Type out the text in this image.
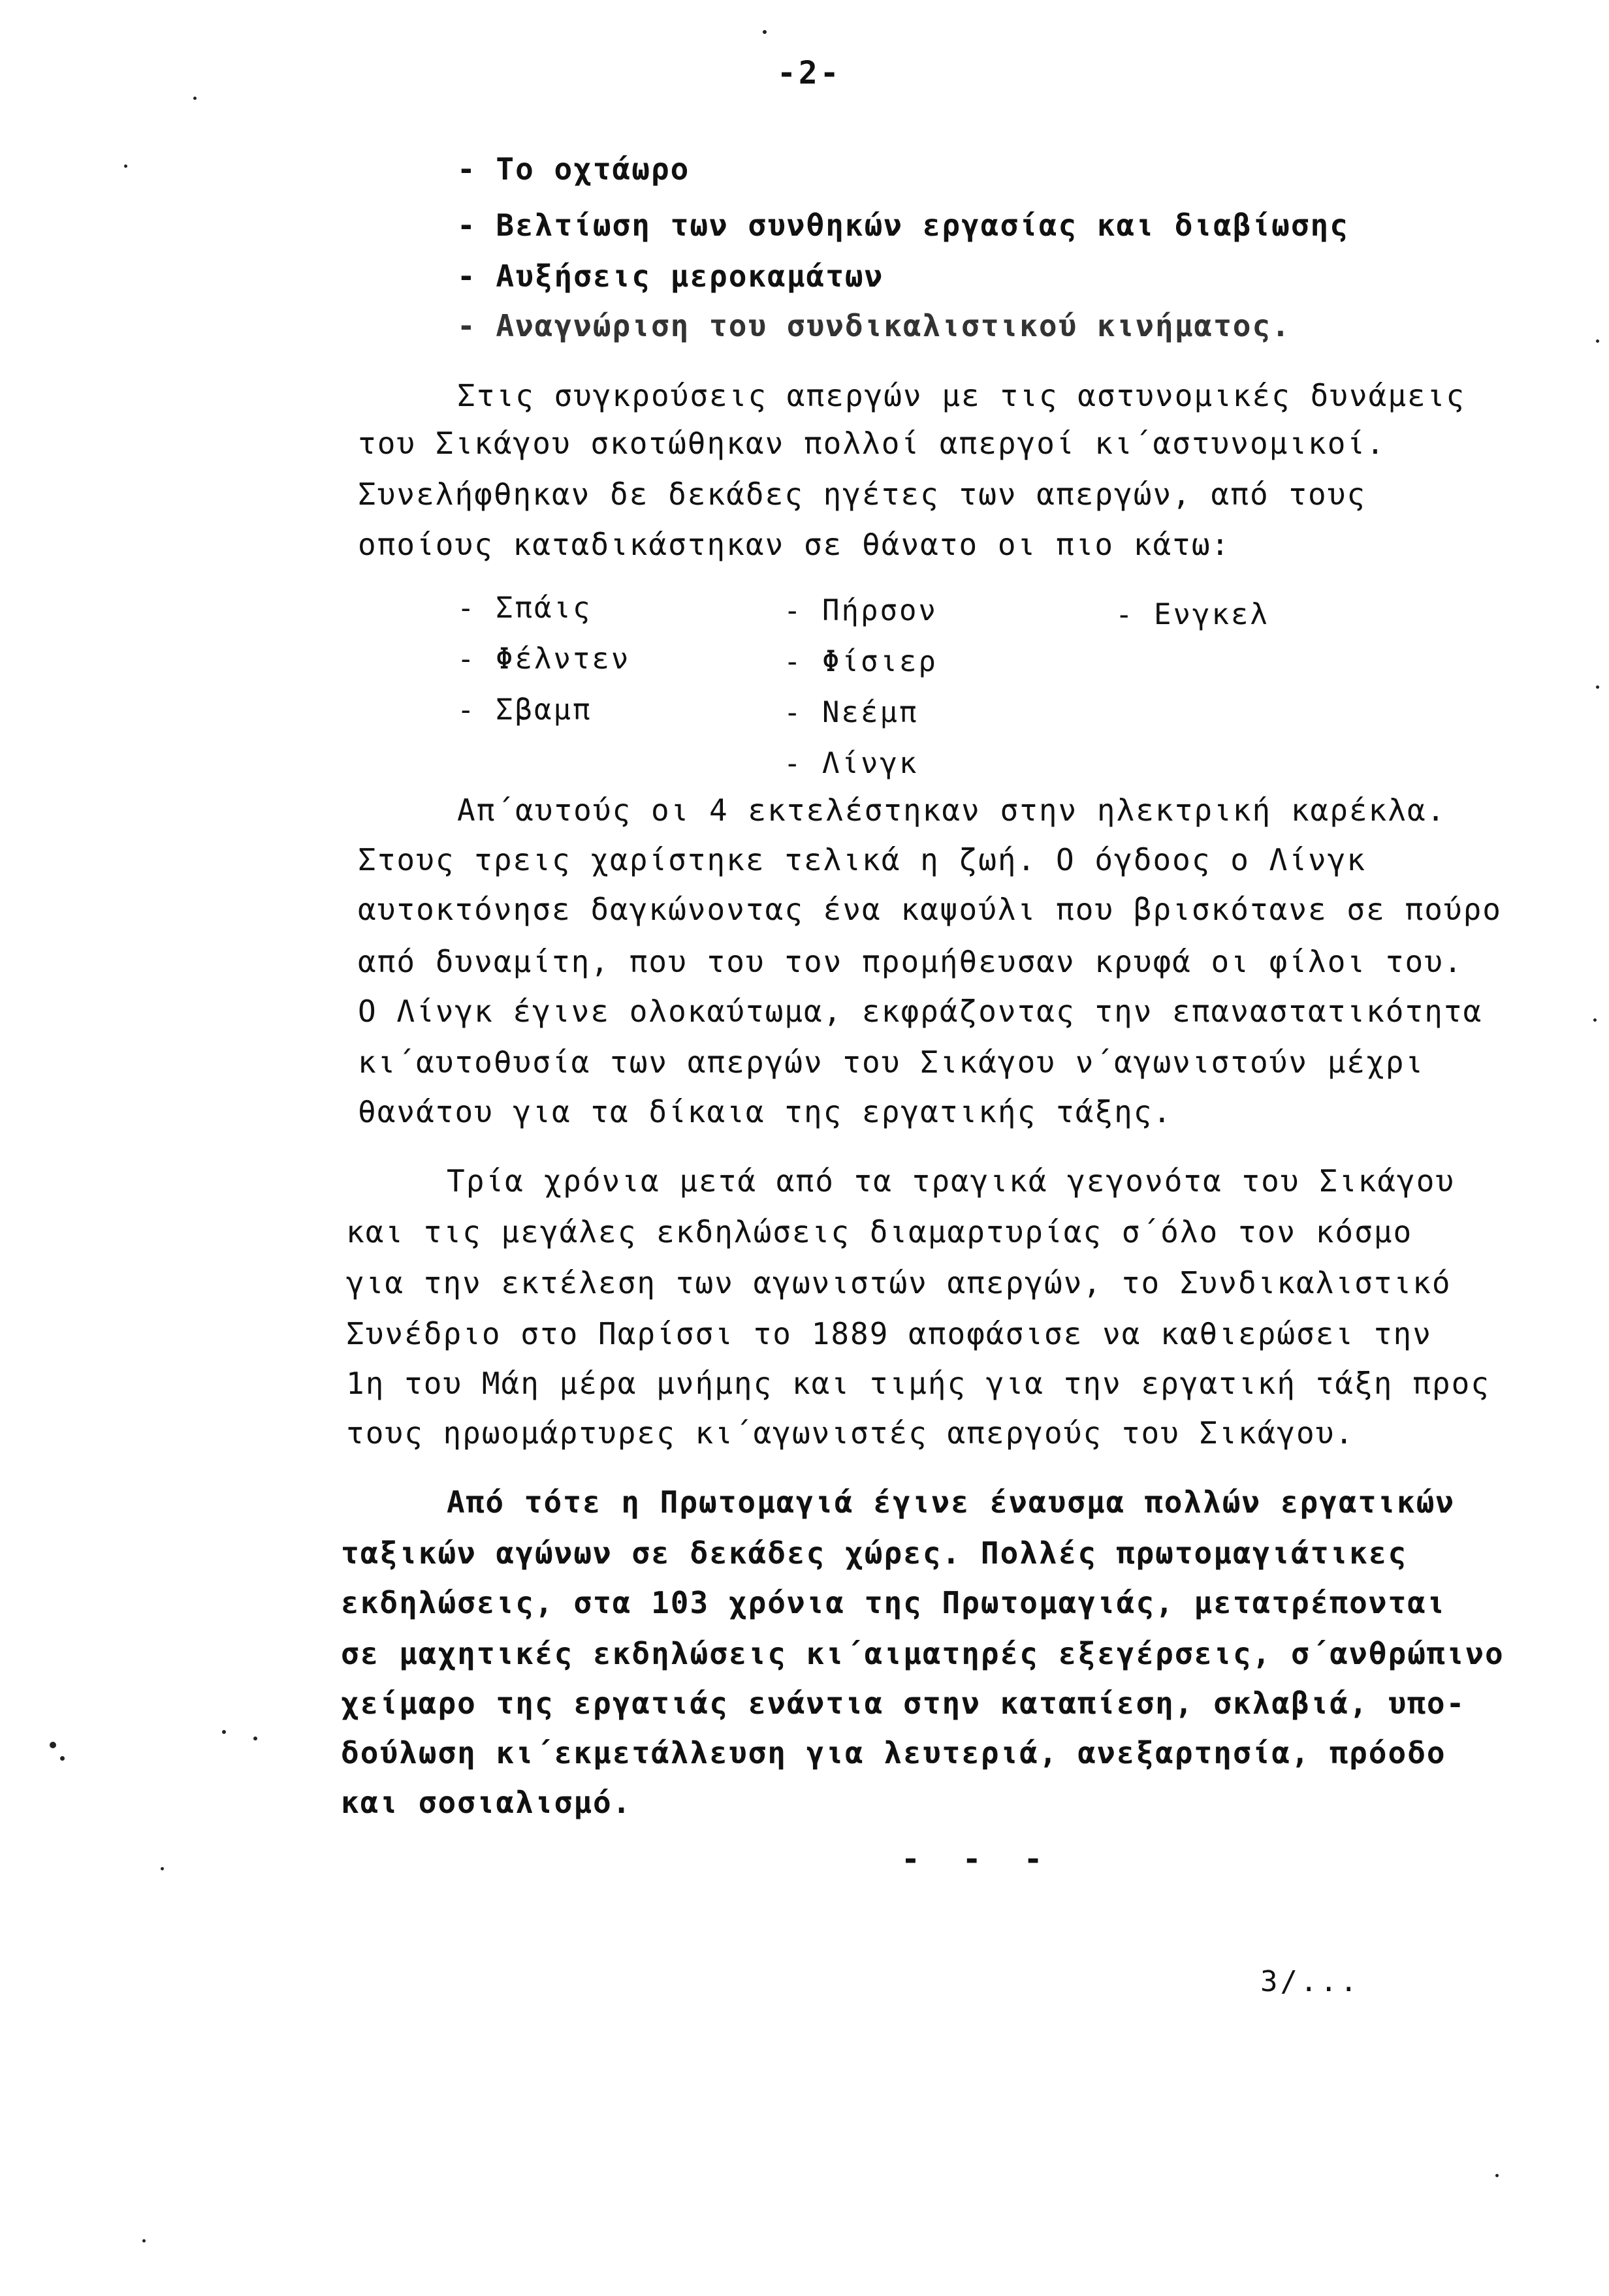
-2-
- Το οχτάωρο
- Βελτίωση των συνθηκών εργασίας και διαβίωσης
- Αυξήσεις μεροκαμάτων
- Αναγνώριση του συνδικαλιστικού κινήματος.
Στις συγκρούσεις απεργών με τις αστυνομικές δυνάμεις
του Σικάγου σκοτώθηκαν πολλοί απεργοί κι΄αστυνομικοί.
Συνελήφθηκαν δε δεκάδες ηγέτες των απεργών, από τους
οποίους καταδικάστηκαν σε θάνατο οι πιο κάτω:
- Σπάις
- Φέλντεν
- Σβαμπ
- Πήρσον
- Φίσιερ
- Νεέμπ
- Λίνγκ
- Ενγκελ
Απ΄αυτούς οι 4 εκτελέστηκαν στην ηλεκτρική καρέκλα.
Στους τρεις χαρίστηκε τελικά η ζωή. Ο όγδοος ο Λίνγκ
αυτοκτόνησε δαγκώνοντας ένα καψούλι που βρισκότανε σε πούρο
από δυναμίτη, που του τον προμήθευσαν κρυφά οι φίλοι του.
Ο Λίνγκ έγινε ολοκαύτωμα, εκφράζοντας την επαναστατικότητα
κι΄αυτοθυσία των απεργών του Σικάγου ν΄αγωνιστούν μέχρι
θανάτου για τα δίκαια της εργατικής τάξης.
Τρία χρόνια μετά από τα τραγικά γεγονότα του Σικάγου
και τις μεγάλες εκδηλώσεις διαμαρτυρίας σ΄όλο τον κόσμο
για την εκτέλεση των αγωνιστών απεργών, το Συνδικαλιστικό
Συνέδριο στο Παρίσσι το 1889 αποφάσισε να καθιερώσει την
1η του Μάη μέρα μνήμης και τιμής για την εργατική τάξη προς
τους ηρωομάρτυρες κι΄αγωνιστές απεργούς του Σικάγου.
Από τότε η Πρωτομαγιά έγινε έναυσμα πολλών εργατικών
ταξικών αγώνων σε δεκάδες χώρες. Πολλές πρωτομαγιάτικες
εκδηλώσεις, στα 103 χρόνια της Πρωτομαγιάς, μετατρέπονται
σε μαχητικές εκδηλώσεις κι΄αιματηρές εξεγέρσεις, σ΄ανθρώπινο
χείμαρο της εργατιάς ενάντια στην καταπίεση, σκλαβιά, υπο-
δούλωση κι΄εκμετάλλευση για λευτεριά, ανεξαρτησία, πρόοδο
και σοσιαλισμό.
- - -
3/...
